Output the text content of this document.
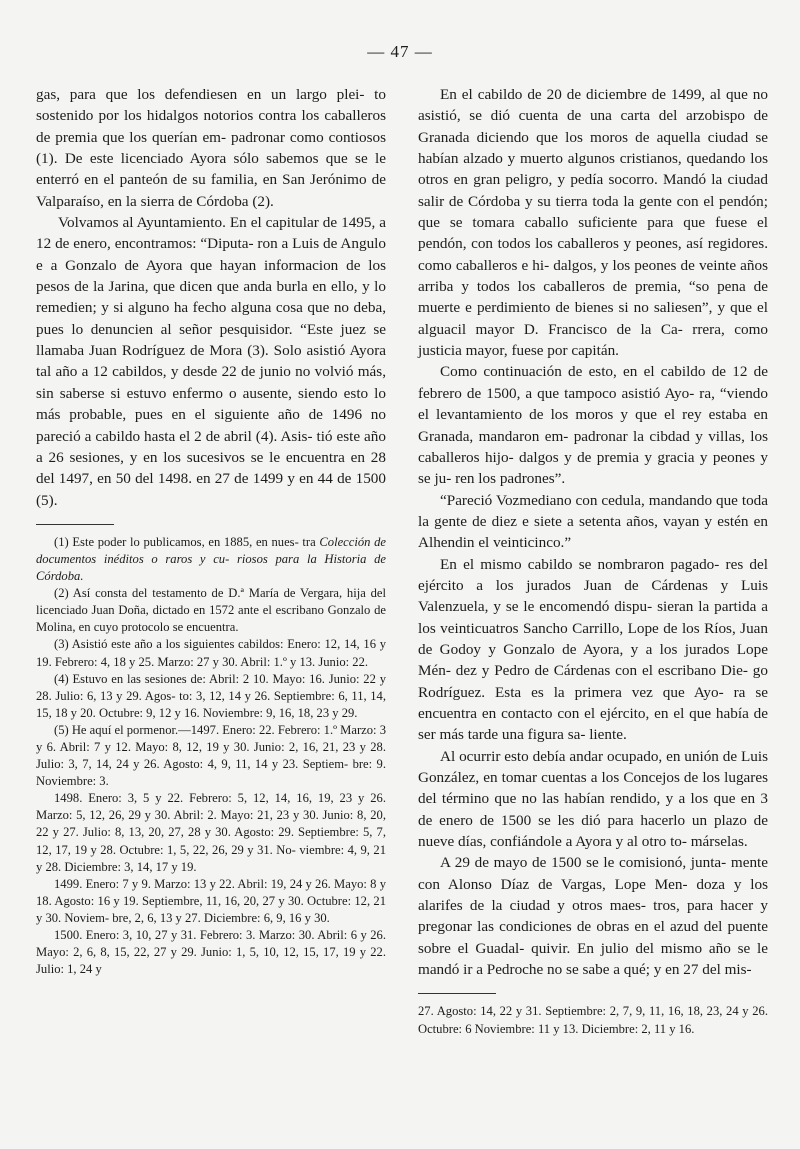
— 47 —

gas, para que los defendiesen en un largo plei- to sostenido por los hidalgos notorios contra los caballeros de premia que los querían em- padronar como contiosos (1). De este licenciado Ayora sólo sabemos que se le enterró en el panteón de su familia, en San Jerónimo de Valparaíso, en la sierra de Córdoba (2).

Volvamos al Ayuntamiento. En el capitular de 1495, a 12 de enero, encontramos: “Diputa- ron a Luis de Angulo e a Gonzalo de Ayora que hayan informacion de los pesos de la Jarina, que dicen que anda burla en ello, y lo remedien; y si alguno ha fecho alguna cosa que no deba, pues lo denuncien al señor pesquisidor. “Este juez se llamaba Juan Rodríguez de Mora (3). Solo asistió Ayora tal año a 12 cabildos, y desde 22 de junio no volvió más, sin saberse si estuvo enfermo o ausente, siendo esto lo más probable, pues en el siguiente año de 1496 no pareció a cabildo hasta el 2 de abril (4). Asis- tió este año a 26 sesiones, y en los sucesivos se le encuentra en 28 del 1497, en 50 del 1498. en 27 de 1499 y en 44 de 1500 (5).

(1) Este poder lo publicamos, en 1885, en nues- tra Colección de documentos inéditos o raros y cu- riosos para la Historia de Córdoba.

(2) Así consta del testamento de D.ª María de Vergara, hija del licenciado Juan Doña, dictado en 1572 ante el escribano Gonzalo de Molina, en cuyo protocolo se encuentra.

(3) Asistió este año a los siguientes cabildos: Enero: 12, 14, 16 y 19. Febrero: 4, 18 y 25. Marzo: 27 y 30. Abril: 1.º y 13. Junio: 22.

(4) Estuvo en las sesiones de: Abril: 2 10. Mayo: 16. Junio: 22 y 28. Julio: 6, 13 y 29. Agos- to: 3, 12, 14 y 26. Septiembre: 6, 11, 14, 15, 18 y 20. Octubre: 9, 12 y 16. Noviembre: 9, 16, 18, 23 y 29.

(5) He aquí el pormenor.—1497. Enero: 22. Febrero: 1.º Marzo: 3 y 6. Abril: 7 y 12. Mayo: 8, 12, 19 y 30. Junio: 2, 16, 21, 23 y 28. Julio: 3, 7, 14, 24 y 26. Agosto: 4, 9, 11, 14 y 23. Septiem- bre: 9. Noviembre: 3.

1498. Enero: 3, 5 y 22. Febrero: 5, 12, 14, 16, 19, 23 y 26. Marzo: 5, 12, 26, 29 y 30. Abril: 2. Mayo: 21, 23 y 30. Junio: 8, 20, 22 y 27. Julio: 8, 13, 20, 27, 28 y 30. Agosto: 29. Septiembre: 5, 7, 12, 17, 19 y 28. Octubre: 1, 5, 22, 26, 29 y 31. No- viembre: 4, 9, 21 y 28. Diciembre: 3, 14, 17 y 19.

1499. Enero: 7 y 9. Marzo: 13 y 22. Abril: 19, 24 y 26. Mayo: 8 y 18. Agosto: 16 y 19. Septiembre, 11, 16, 20, 27 y 30. Octubre: 12, 21 y 30. Noviem- bre, 2, 6, 13 y 27. Diciembre: 6, 9, 16 y 30.

1500. Enero: 3, 10, 27 y 31. Febrero: 3. Marzo: 30. Abril: 6 y 26. Mayo: 2, 6, 8, 15, 22, 27 y 29. Junio: 1, 5, 10, 12, 15, 17, 19 y 22. Julio: 1, 24 y

En el cabildo de 20 de diciembre de 1499, al que no asistió, se dió cuenta de una carta del arzobispo de Granada diciendo que los moros de aquella ciudad se habían alzado y muerto algunos cristianos, quedando los otros en gran peligro, y pedía socorro. Mandó la ciudad salir de Córdoba y su tierra toda la gente con el pendón; que se tomara caballo suficiente para que fuese el pendón, con todos los caballeros y peones, así regidores. como caballeros e hi- dalgos, y los peones de veinte años arriba y todos los caballeros de premia, “so pena de muerte e perdimiento de bienes si no saliesen”, y que el alguacil mayor D. Francisco de la Ca- rrera, como justicia mayor, fuese por capitán.

Como continuación de esto, en el cabildo de 12 de febrero de 1500, a que tampoco asistió Ayo- ra, “viendo el levantamiento de los moros y que el rey estaba en Granada, mandaron em- padronar la cibdad y villas, los caballeros hijo- dalgos y de premia y gracia y peones y se ju- ren los padrones”.

“Pareció Vozmediano con cedula, mandando que toda la gente de diez e siete a setenta años, vayan y estén en Alhendin el veinticinco.”

En el mismo cabildo se nombraron pagado- res del ejército a los jurados Juan de Cárdenas y Luis Valenzuela, y se le encomendó dispu- sieran la partida a los veinticuatros Sancho Carrillo, Lope de los Ríos, Juan de Godoy y Gonzalo de Ayora, y a los jurados Lope Mén- dez y Pedro de Cárdenas con el escribano Die- go Rodríguez. Esta es la primera vez que Ayo- ra se encuentra en contacto con el ejército, en el que había de ser más tarde una figura sa- liente.

Al ocurrir esto debía andar ocupado, en unión de Luis González, en tomar cuentas a los Concejos de los lugares del término que no las habían rendido, y a los que en 3 de enero de 1500 se les dió para hacerlo un plazo de nueve días, confiándole a Ayora y al otro to- márselas.

A 29 de mayo de 1500 se le comisionó, junta- mente con Alonso Díaz de Vargas, Lope Men- doza y los alarifes de la ciudad y otros maes- tros, para hacer y pregonar las condiciones de obras en el azud del puente sobre el Guadal- quivir. En julio del mismo año se le mandó ir a Pedroche no se sabe a qué; y en 27 del mis-

27. Agosto: 14, 22 y 31. Septiembre: 2, 7, 9, 11, 16, 18, 23, 24 y 26. Octubre: 6 Noviembre: 11 y 13. Diciembre: 2, 11 y 16.
